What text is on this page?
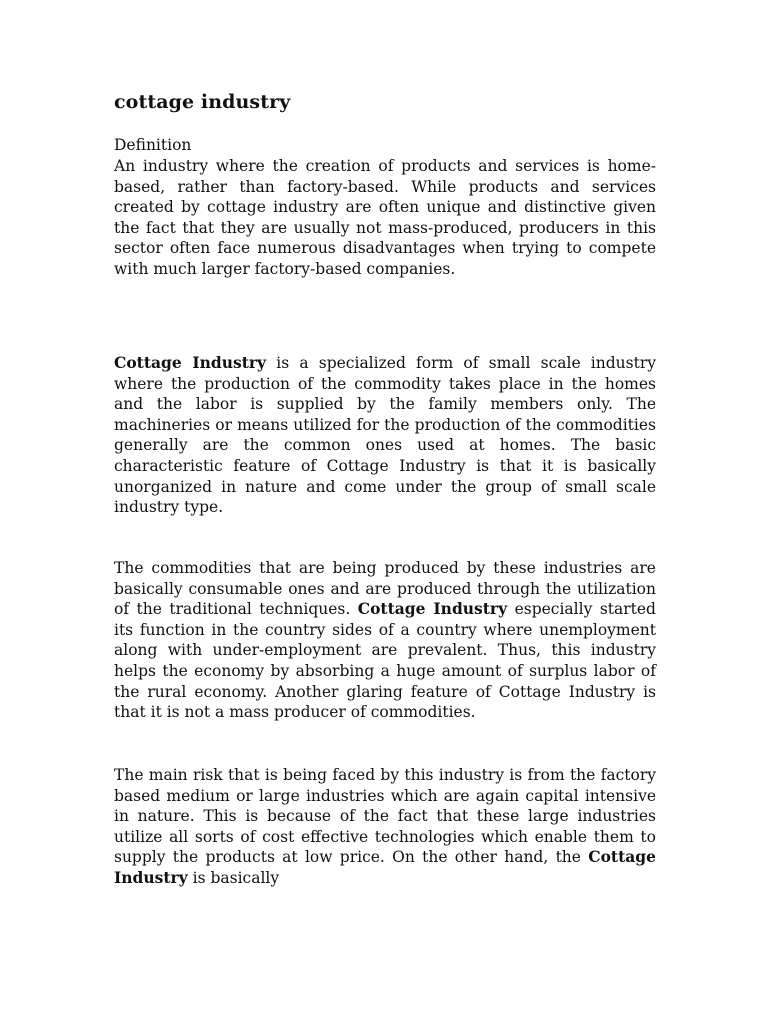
cottage industry
Definition

An industry where the creation of products and services is home-based, rather than factory-based. While products and services created by cottage industry are often unique and distinctive given the fact that they are usually not mass-produced, producers in this sector often face numerous disadvantages when trying to compete with much larger factory-based companies.

Cottage Industry is a specialized form of small scale industry where the production of the commodity takes place in the homes and the labor is supplied by the family members only. The machineries or means utilized for the production of the commodities generally are the common ones used at homes. The basic characteristic feature of Cottage Industry is that it is basically unorganized in nature and come under the group of small scale industry type.

The commodities that are being produced by these industries are basically consumable ones and are produced through the utilization of the traditional techniques. Cottage Industry especially started its function in the country sides of a country where unemployment along with under-employment are prevalent. Thus, this industry helps the economy by absorbing a huge amount of surplus labor of the rural economy. Another glaring feature of Cottage Industry is that it is not a mass producer of commodities.

The main risk that is being faced by this industry is from the factory based medium or large industries which are again capital intensive in nature. This is because of the fact that these large industries utilize all sorts of cost effective technologies which enable them to supply the products at low price. On the other hand, the Cottage Industry is basically
